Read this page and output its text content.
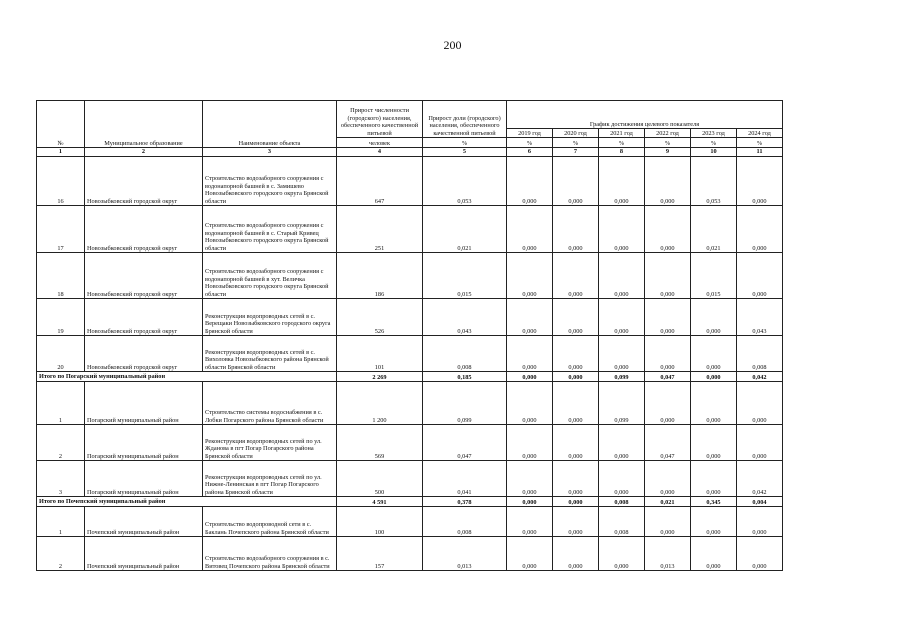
200
№	Муниципальное образование	Наименование объекта	Прирост численности (городского) населения, обеспеченного качественной питьевой	Прирост доли (городского) населения, обеспеченного качественной питьевой	График достижения целевого показателя					
					2019 год	2020 год	2021 год	2022 год	2023 год	2024 год
			человек	%	%	%	%	%	%	%
1	2	3	4	5	6	7	8	9	10	11
16	Новозыбковский городской округ	Строительство водозаборного сооружения с водонапорной башней в с. Замишево Новозыбковского городского округа Брянской области	647	0,053	0,000	0,000	0,000	0,000	0,053	0,000
17	Новозыбковский городской округ	Строительство водозаборного сооружения с водонапорной башней в с. Старый Кривец Новозыбковского городского округа Брянской области	251	0,021	0,000	0,000	0,000	0,000	0,021	0,000
18	Новозыбковский городской округ	Строительство водозаборного сооружения с водонапорной башней в хут. Величка Новозыбковского городского округа Брянской области	186	0,015	0,000	0,000	0,000	0,000	0,015	0,000
19	Новозыбковский городской округ	Реконструкция водопроводных сетей в с. Верещаки Новозыбковского городского округа Брянской области	526	0,043	0,000	0,000	0,000	0,000	0,000	0,043
20	Новозыбковский городской округ	Реконструкция водопроводных сетей в с. Вихоловка Новозыбковского района Брянской области Брянской области	101	0,008	0,000	0,000	0,000	0,000	0,000	0,008
Итого по Погарский муниципальный район			2 269	0,185	0,000	0,000	0,099	0,047	0,000	0,042
1	Погарский муниципальный район	Строительство системы водоснабжения в с. Лобки Погарского района Брянской области	1 200	0,099	0,000	0,000	0,099	0,000	0,000	0,000
2	Погарский муниципальный район	Реконструкция водопроводных сетей по ул. Жданова в пгт Погар Погарского района Брянской области	569	0,047	0,000	0,000	0,000	0,047	0,000	0,000
3	Погарский муниципальный район	Реконструкция водопроводных сетей по ул. Нижне-Ленинская в пгт Погар Погарского района Брянской области	500	0,041	0,000	0,000	0,000	0,000	0,000	0,042
Итого по Почепский муниципальный район			4 591	0,378	0,000	0,000	0,008	0,021	0,345	0,004
1	Почепский муниципальный район	Строительство водопроводной сети в с. Баклань Почепского района Брянской области	100	0,008	0,000	0,000	0,008	0,000	0,000	0,000
2	Почепский муниципальный район	Строительство водозаборного сооружения в с. Витовец Почепского района Брянской области	157	0,013	0,000	0,000	0,000	0,013	0,000	0,000
